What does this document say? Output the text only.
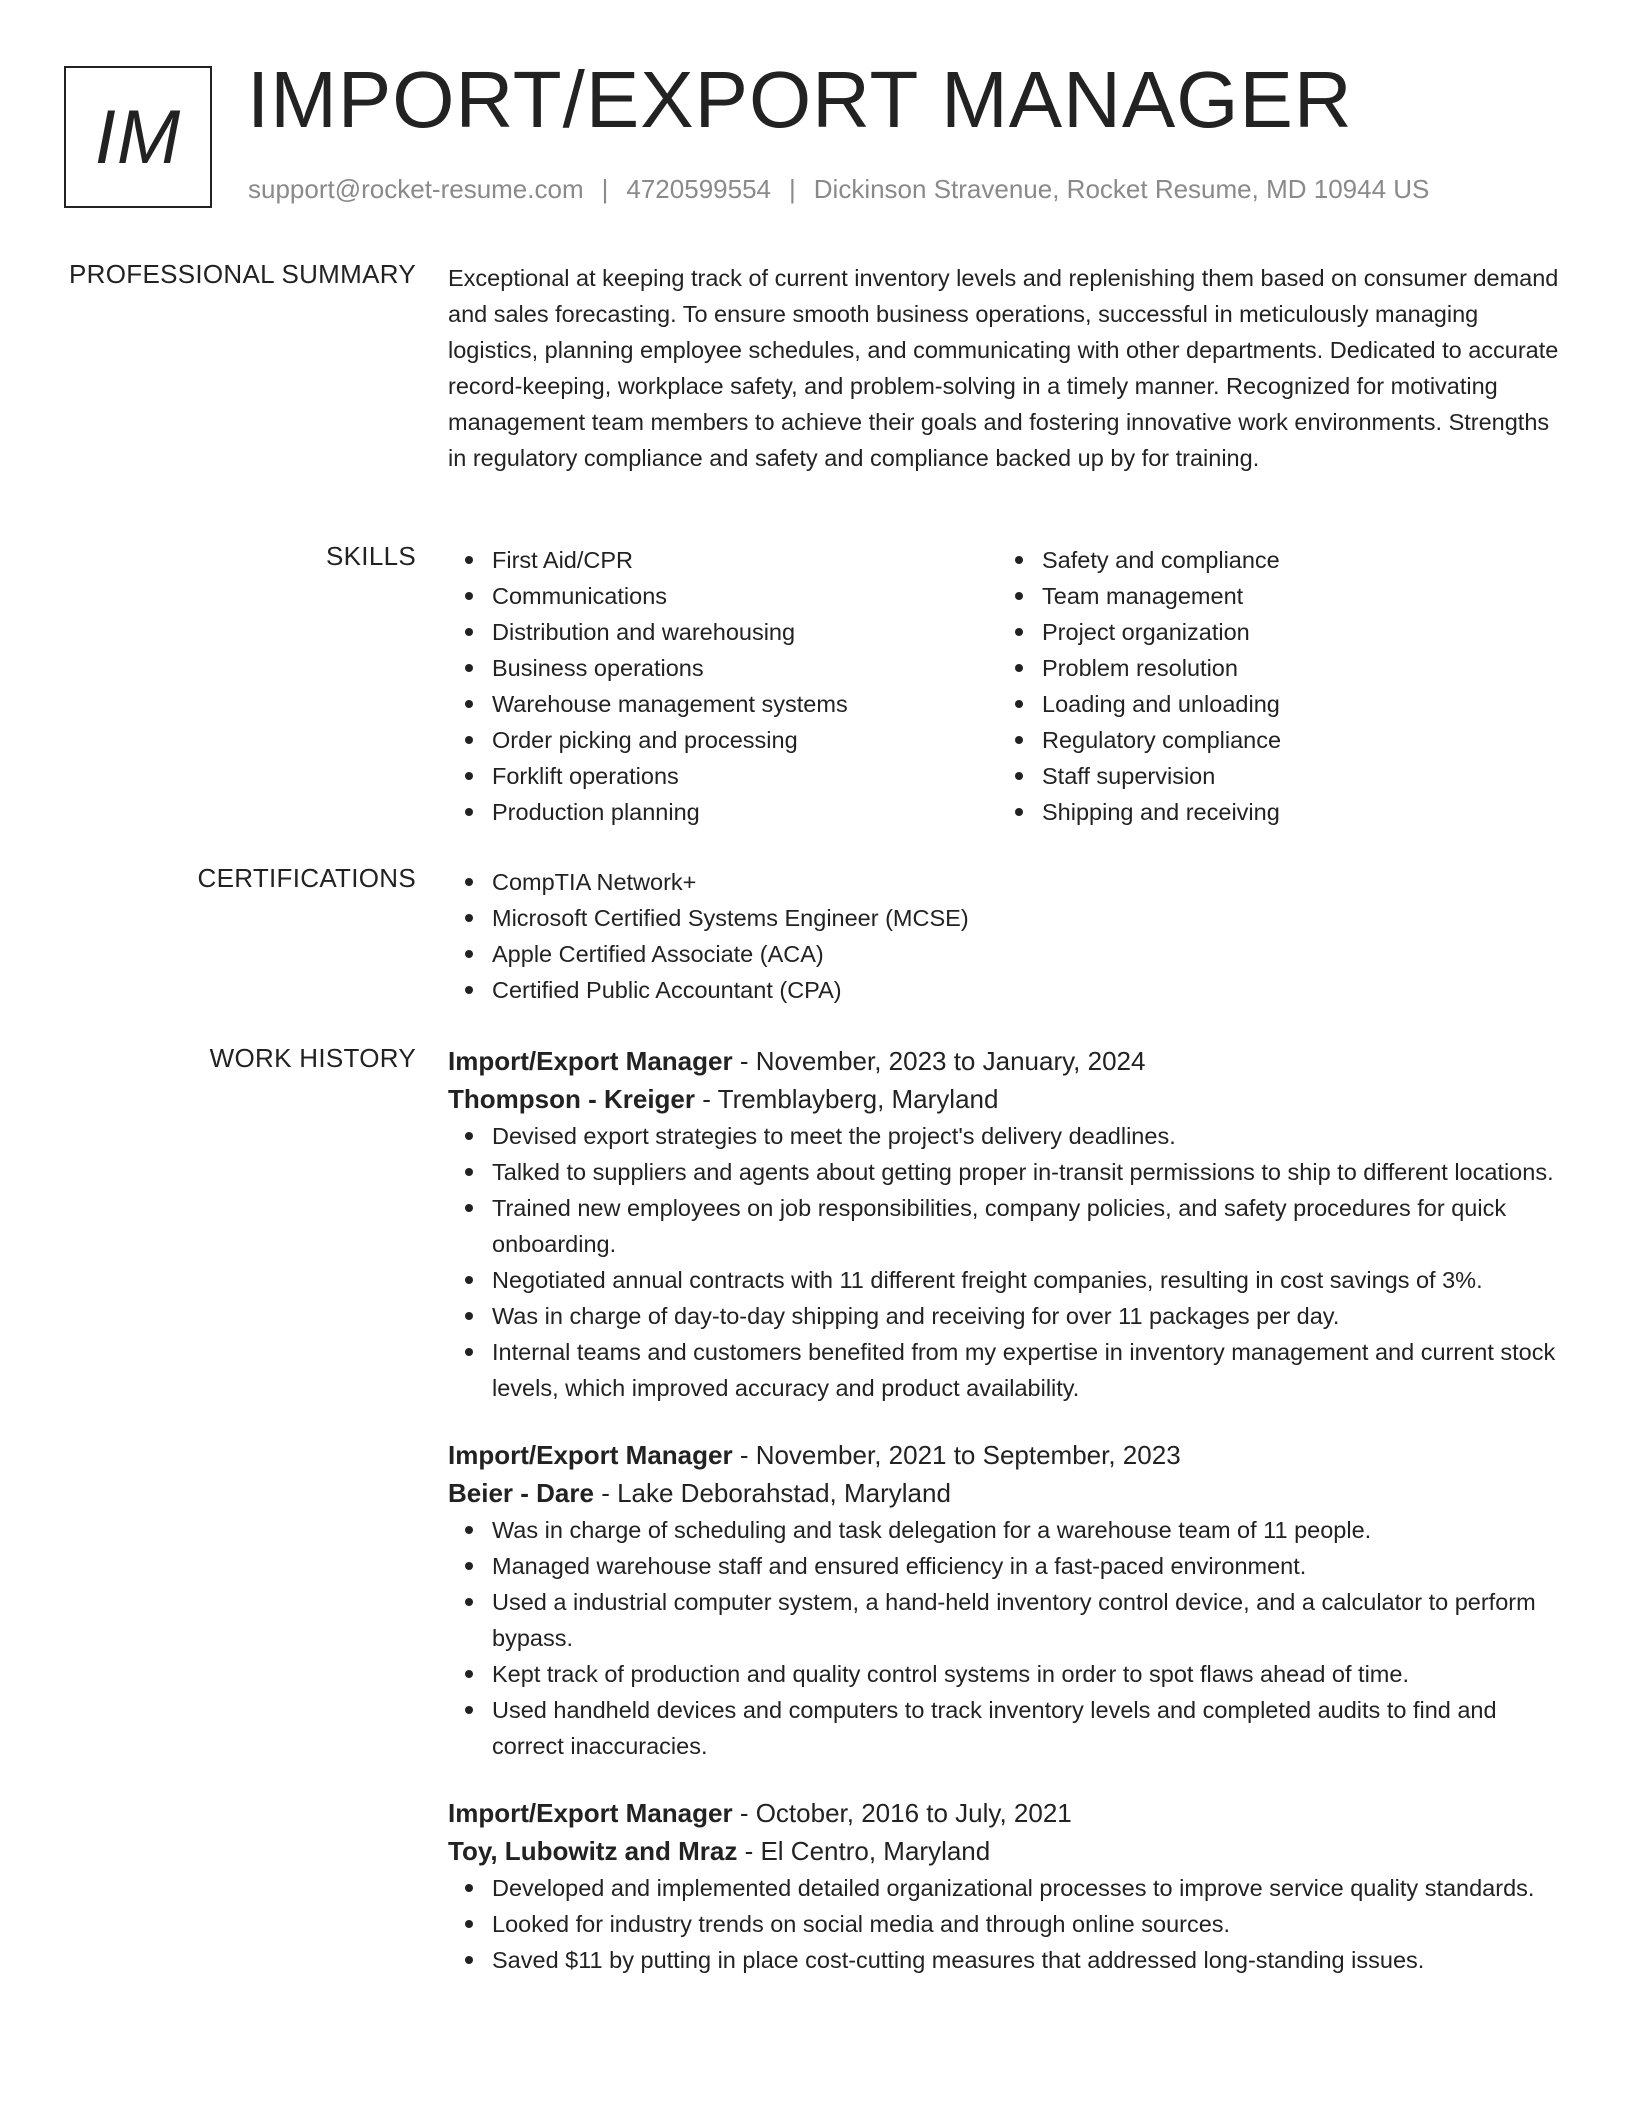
IM IMPORT/EXPORT MANAGER
support@rocket-resume.com | 4720599554 | Dickinson Stravenue, Rocket Resume, MD 10944 US
PROFESSIONAL SUMMARY Exceptional at keeping track of current inventory levels and replenishing them based on consumer demand and sales forecasting. To ensure smooth business operations, successful in meticulously managing logistics, planning employee schedules, and communicating with other departments. Dedicated to accurate record-keeping, workplace safety, and problem-solving in a timely manner. Recognized for motivating management team members to achieve their goals and fostering innovative work environments. Strengths in regulatory compliance and safety and compliance backed up by for training.

SKILLS	First Aid/CPR
Communications
Distribution and warehousing
Business operations
Warehouse management systems
Order picking and processing
Forklift operations
Production planning
Safety and compliance
Team management
Project organization
Problem resolution
Loading and unloading
Regulatory compliance
Staff supervision
Shipping and receiving
CERTIFICATIONS	CompTIA Network+
Microsoft Certified Systems Engineer (MCSE)
Apple Certified Associate (ACA)
Certified Public Accountant (CPA)
WORK HISTORY Import/Export Manager - November, 2023 to January, 2024
Thompson - Kreiger - Tremblayberg, Maryland
Devised export strategies to meet the project's delivery deadlines.
Talked to suppliers and agents about getting proper in-transit permissions to ship to different locations.
Trained new employees on job responsibilities, company policies, and safety procedures for quick onboarding.
Negotiated annual contracts with 11 different freight companies, resulting in cost savings of 3%.
Was in charge of day-to-day shipping and receiving for over 11 packages per day.
Internal teams and customers benefited from my expertise in inventory management and current stock levels, which improved accuracy and product availability.
Import/Export Manager - November, 2021 to September, 2023
Beier - Dare - Lake Deborahstad, Maryland
Was in charge of scheduling and task delegation for a warehouse team of 11 people.
Managed warehouse staff and ensured efficiency in a fast-paced environment.
Used a industrial computer system, a hand-held inventory control device, and a calculator to perform bypass.
Kept track of production and quality control systems in order to spot flaws ahead of time.
Used handheld devices and computers to track inventory levels and completed audits to find and correct inaccuracies.
Import/Export Manager - October, 2016 to July, 2021
Toy, Lubowitz and Mraz - El Centro, Maryland
Developed and implemented detailed organizational processes to improve service quality standards.
Looked for industry trends on social media and through online sources.
Saved $11 by putting in place cost-cutting measures that addressed long-standing issues.
